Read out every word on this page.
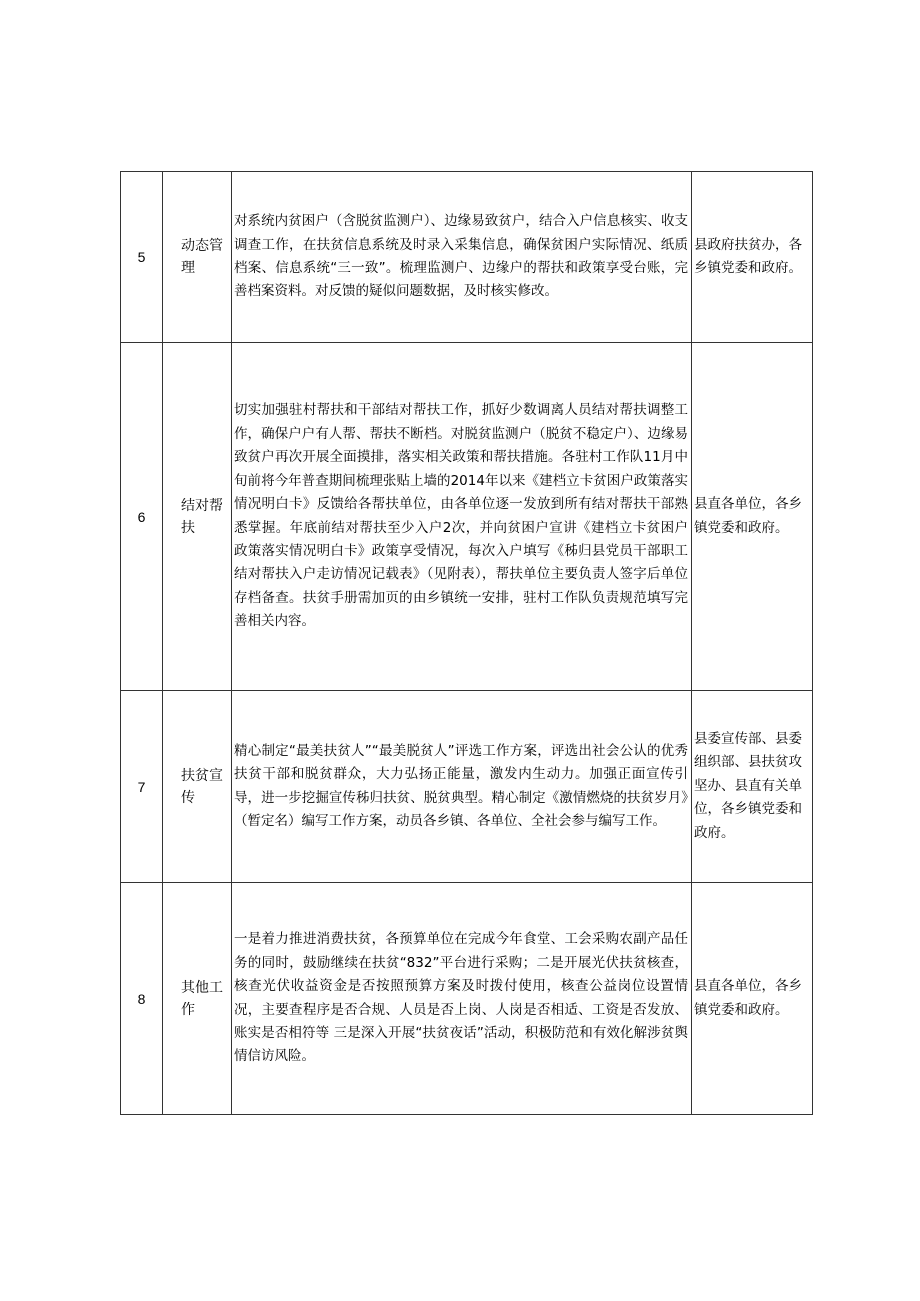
5	动态管理	对系统内贫困户（含脱贫监测户）、边缘易致贫户，结合入户信息核实、收支调查工作，在扶贫信息系统及时录入采集信息，确保贫困户实际情况、纸质档案、信息系统“三一致”。梳理监测户、边缘户的帮扶和政策享受台账，完善档案资料。对反馈的疑似问题数据，及时核实修改。	县政府扶贫办，各乡镇党委和政府。
6	结对帮扶	切实加强驻村帮扶和干部结对帮扶工作，抓好少数调离人员结对帮扶调整工作，确保户户有人帮、帮扶不断档。对脱贫监测户（脱贫不稳定户）、边缘易致贫户再次开展全面摸排，落实相关政策和帮扶措施。各驻村工作队11月中旬前将今年普查期间梳理张贴上墙的2014年以来《建档立卡贫困户政策落实情况明白卡》反馈给各帮扶单位，由各单位逐一发放到所有结对帮扶干部熟悉掌握。年底前结对帮扶至少入户2次，并向贫困户宣讲《建档立卡贫困户政策落实情况明白卡》政策享受情况，每次入户填写《秭归县党员干部职工结对帮扶入户走访情况记载表》（见附表），帮扶单位主要负责人签字后单位存档备查。扶贫手册需加页的由乡镇统一安排，驻村工作队负责规范填写完善相关内容。	县直各单位，各乡镇党委和政府。
7	扶贫宣传	精心制定“最美扶贫人”“最美脱贫人”评选工作方案，评选出社会公认的优秀扶贫干部和脱贫群众，大力弘扬正能量，激发内生动力。加强正面宣传引导，进一步挖掘宣传秭归扶贫、脱贫典型。精心制定《激情燃烧的扶贫岁月》（暂定名）编写工作方案，动员各乡镇、各单位、全社会参与编写工作。	县委宣传部、县委组织部、县扶贫攻坚办、县直有关单位，各乡镇党委和政府。
8	其他工作	一是着力推进消费扶贫，各预算单位在完成今年食堂、工会采购农副产品任务的同时，鼓励继续在扶贫“832”平台进行采购；二是开展光伏扶贫核查，核查光伏收益资金是否按照预算方案及时拨付使用，核查公益岗位设置情况，主要查程序是否合规、人员是否上岗、人岗是否相适、工资是否发放、账实是否相符等 三是深入开展“扶贫夜话”活动，积极防范和有效化解涉贫舆情信访风险。	县直各单位，各乡镇党委和政府。
